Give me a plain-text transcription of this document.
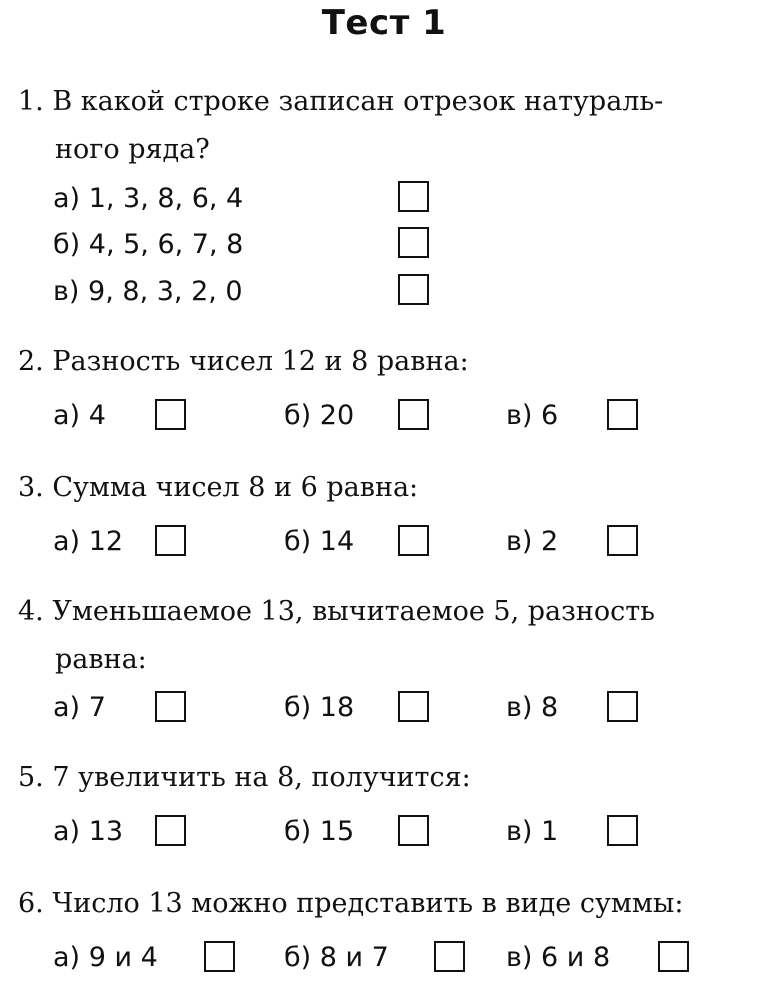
Тест 1
1. В какой строке записан отрезок натураль-
ного ряда?
а) 1, 3, 8, 6, 4
б) 4, 5, 6, 7, 8
в) 9, 8, 3, 2, 0
2. Разность чисел 12 и 8 равна:
а) 4	б) 20	в) 6
3. Сумма чисел 8 и 6 равна:
а) 12	б) 14	в) 2
4. Уменьшаемое 13, вычитаемое 5, разность
равна:
а) 7	б) 18	в) 8
5. 7 увеличить на 8, получится:
а) 13	б) 15	в) 1
6. Число 13 можно представить в виде суммы:
а) 9 и 4	б) 8 и 7	в) 6 и 8
